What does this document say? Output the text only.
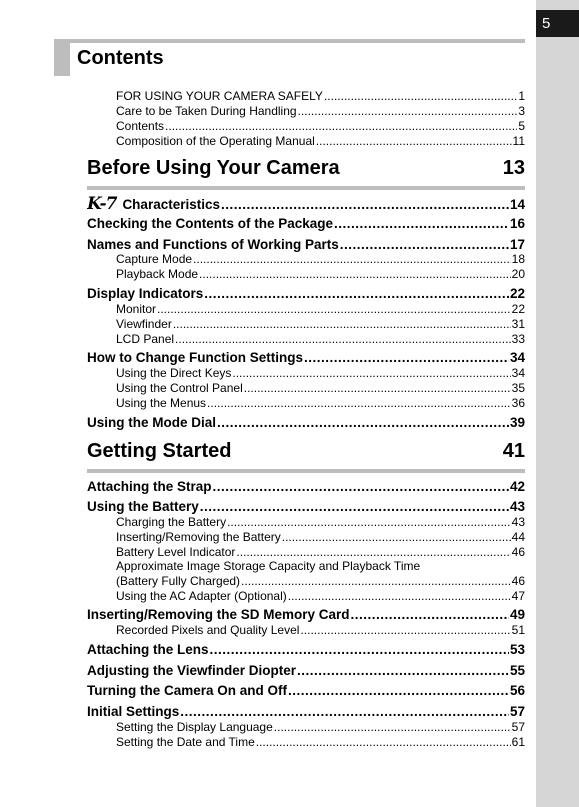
5
Contents
FOR USING YOUR CAMERA SAFELY .....	1
Care to be Taken During Handling .....	3
Contents .....	5
Composition of the Operating Manual .....	11
Before Using Your Camera	13
K-7 Characteristics .....	14
Checking the Contents of the Package .....	16
Names and Functions of Working Parts .....	17
Capture Mode .....	18
Playback Mode .....	20
Display Indicators .....	22
Monitor .....	22
Viewfinder .....	31
LCD Panel .....	33
How to Change Function Settings .....	34
Using the Direct Keys .....	34
Using the Control Panel .....	35
Using the Menus .....	36
Using the Mode Dial .....	39
Getting Started	41
Attaching the Strap .....	42
Using the Battery .....	43
Charging the Battery .....	43
Inserting/Removing the Battery .....	44
Battery Level Indicator .....	46
Approximate Image Storage Capacity and Playback Time
(Battery Fully Charged) .....	46
Using the AC Adapter (Optional) .....	47
Inserting/Removing the SD Memory Card .....	49
Recorded Pixels and Quality Level .....	51
Attaching the Lens .....	53
Adjusting the Viewfinder Diopter .....	55
Turning the Camera On and Off .....	56
Initial Settings .....	57
Setting the Display Language .....	57
Setting the Date and Time .....	61
